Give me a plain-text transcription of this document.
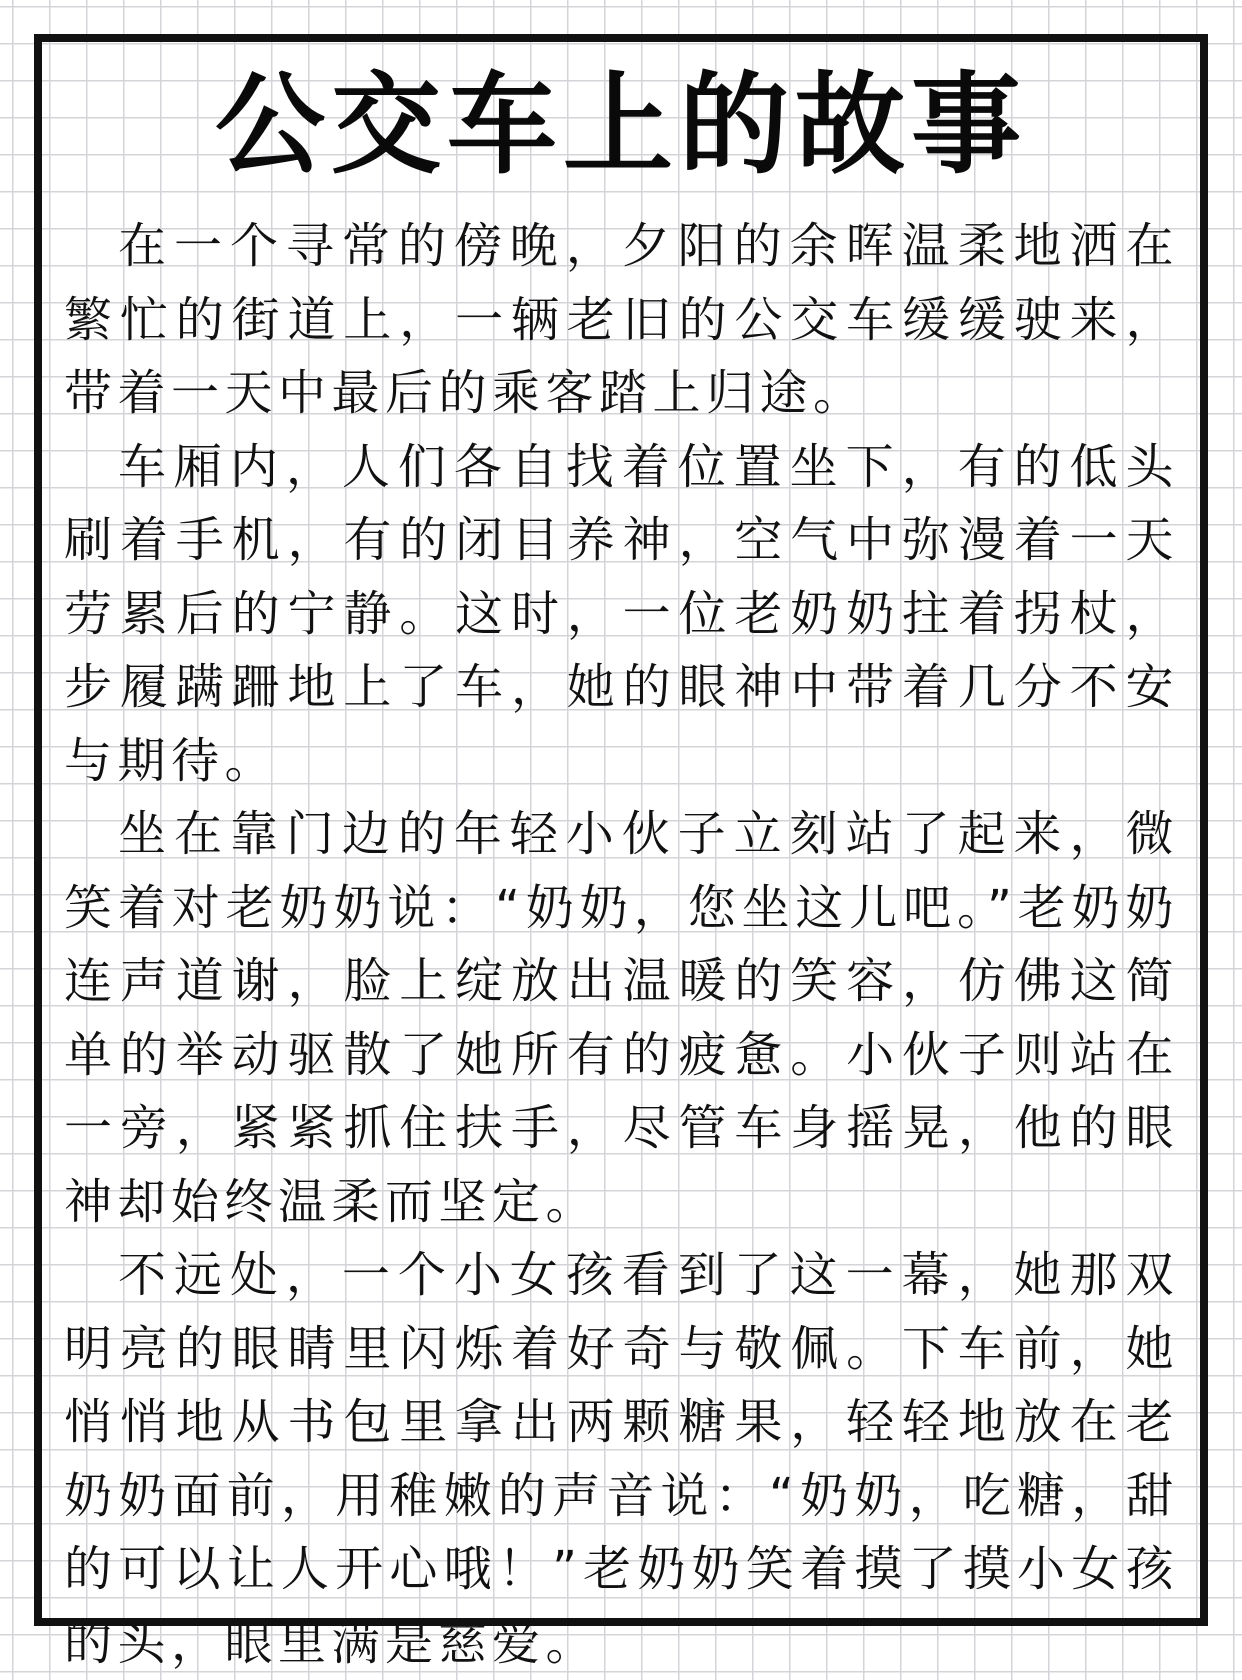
公交车上的故事

在一个寻常的傍晚，夕阳的余晖温柔地洒在繁忙的街道上，一辆老旧的公交车缓缓驶来，带着一天中最后的乘客踏上归途。

车厢内，人们各自找着位置坐下，有的低头刷着手机，有的闭目养神，空气中弥漫着一天劳累后的宁静。这时，一位老奶奶拄着拐杖，步履蹒跚地上了车，她的眼神中带着几分不安与期待。

坐在靠门边的年轻小伙子立刻站了起来，微笑着对老奶奶说：“奶奶，您坐这儿吧。”老奶奶连声道谢，脸上绽放出温暖的笑容，仿佛这简单的举动驱散了她所有的疲惫。小伙子则站在一旁，紧紧抓住扶手，尽管车身摇晃，他的眼神却始终温柔而坚定。

不远处，一个小女孩看到了这一幕，她那双明亮的眼睛里闪烁着好奇与敬佩。下车前，她悄悄地从书包里拿出两颗糖果，轻轻地放在老奶奶面前，用稚嫩的声音说：“奶奶，吃糖，甜的可以让人开心哦！”老奶奶笑着摸了摸小女孩的头，眼里满是慈爱。
